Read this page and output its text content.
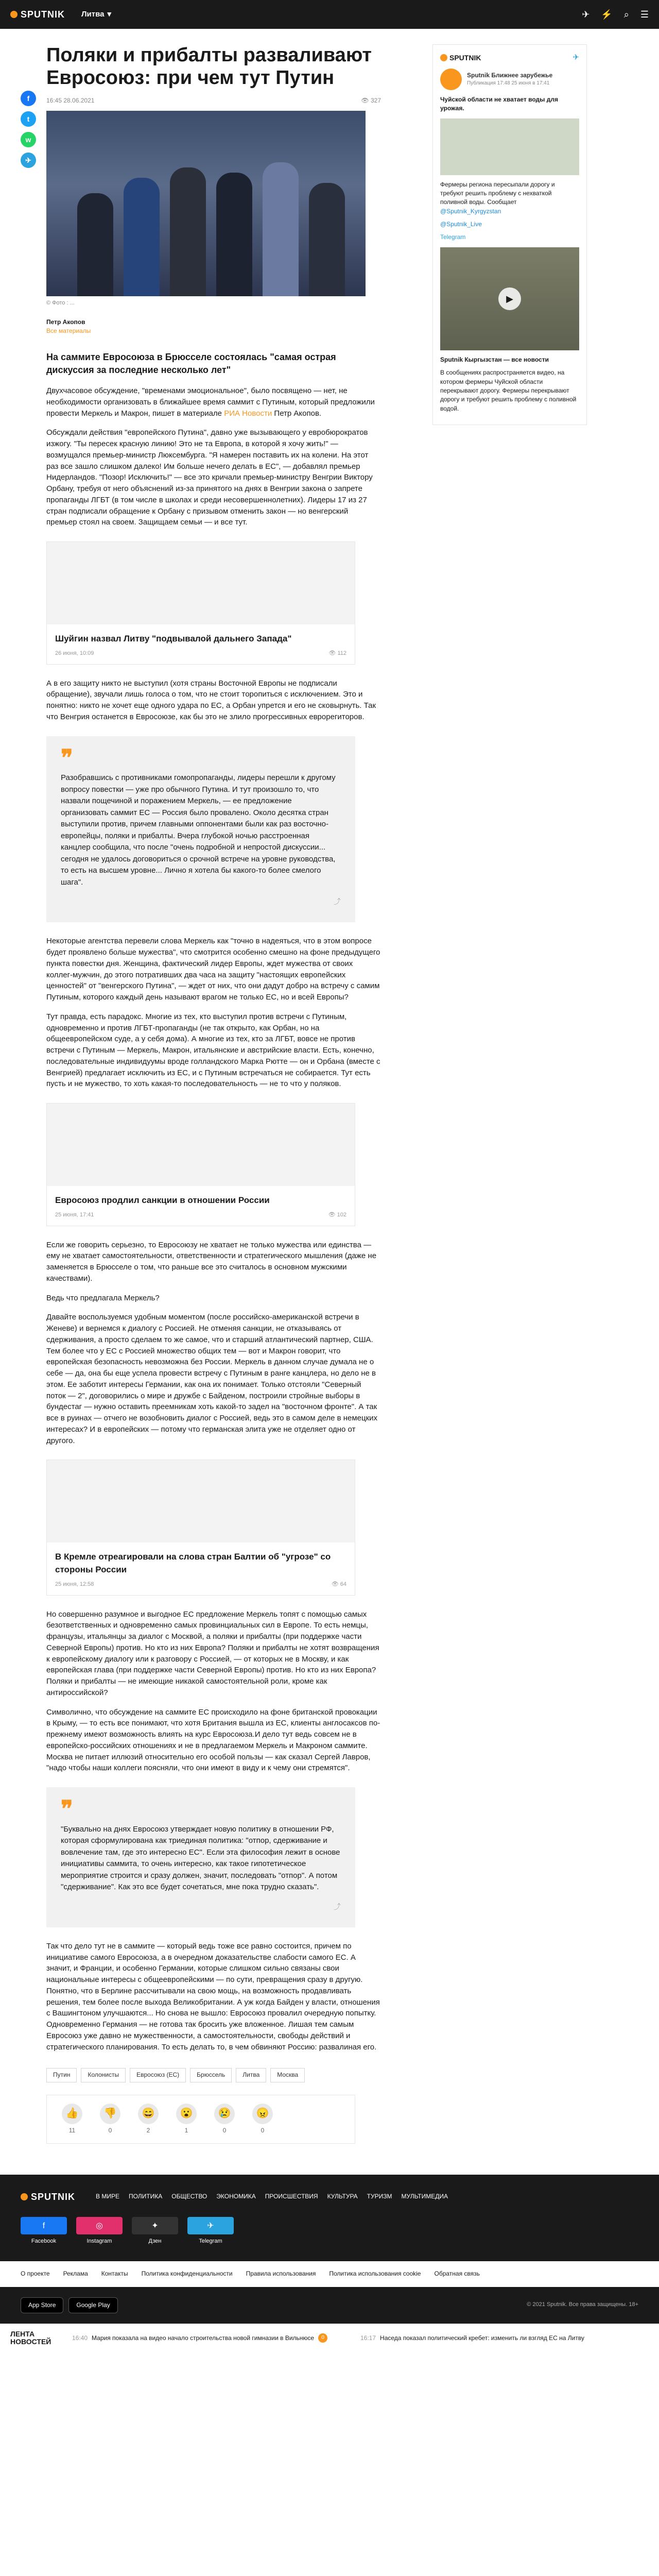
SPUTNIK Литва ▾	✈ ⚡ ⌕ ☰
f
t
w
✈
Поляки и прибалты разваливают Евросоюз: при чем тут Путин
16:45 28.06.2021	👁 327
© Фото : ...
Петр Акопов
Все материалы
На саммите Евросоюза в Брюсселе состоялась "самая острая дискуссия за последние несколько лет"

Двухчасовое обсуждение, "временами эмоциональное", было посвящено — нет, не необходимости организовать в ближайшее время саммит с Путиным, который предложили провести Меркель и Макрон, пишет в материале РИА Новости Петр Акопов.

Обсуждали действия "европейского Путина", давно уже вызывающего у евробюрократов изжогу. "Ты пересек красную линию! Это не та Европа, в которой я хочу жить!" — возмущался премьер-министр Люксембурга. "Я намерен поставить их на колени. На этот раз все зашло слишком далеко! Им больше нечего делать в ЕС", — добавлял премьер Нидерландов. "Позор! Исключить!" — все это кричали премьер-министру Венгрии Виктору Орбану, требуя от него объяснений из-за принятого на днях в Венгрии закона о запрете пропаганды ЛГБТ (в том числе в школах и среди несовершеннолетних). Лидеры 17 из 27 стран подписали обращение к Орбану с призывом отменить закон — но венгерский премьер стоял на своем. Защищаем семьи — и все тут.

Шуйгин назвал Литву "подвывалой дальнего Запада"
26 июня, 10:09	👁 112

А в его защиту никто не выступил (хотя страны Восточной Европы не подписали обращение), звучали лишь голоса о том, что не стоит торопиться с исключением. Это и понятно: никто не хочет еще одного удара по ЕС, а Орбан упрется и его не сковырнуть. Так что Венгрия останется в Евросоюзе, как бы это не злило прогрессивных еврорегиторов.

❞
Разобравшись с противниками гомопропаганды, лидеры перешли к другому вопросу повестки — уже про обычного Путина. И тут произошло то, что назвали пощечиной и поражением Меркель, — ее предложение организовать саммит ЕС — Россия было провалено. Около десятка стран выступили против, причем главными оппонентами были как раз восточно-европейцы, поляки и прибалты. Вчера глубокой ночью расстроенная канцлер сообщила, что после "очень подробной и непростой дискуссии... сегодня не удалось договориться о срочной встрече на уровне руководства, то есть на высшем уровне... Лично я хотела бы какого-то более смелого шага".
⤴

Некоторые агентства перевели слова Меркель как "точно в надеяться, что в этом вопросе будет проявлено больше мужества", что смотрится особенно смешно на фоне предыдущего пункта повестки дня. Женщина, фактический лидер Европы, ждет мужества от своих коллег-мужчин, до этого потративших два часа на защиту "настоящих европейских ценностей" от "венгерского Путина", — ждет от них, что они дадут добро на встречу с самим Путиным, которого каждый день называют врагом не только ЕС, но и всей Европы?

Тут правда, есть парадокс. Многие из тех, кто выступил против встречи с Путиным, одновременно и против ЛГБТ-пропаганды (не так открыто, как Орбан, но на общеевропейском суде, а у себя дома). А многие из тех, кто за ЛГБТ, вовсе не против встречи с Путиным — Меркель, Макрон, итальянские и австрийские власти. Есть, конечно, последовательные индивидуумы вроде голландского Марка Рютте — он и Орбана (вместе с Венгрией) предлагает исключить из ЕС, и с Путиным встречаться не собирается. Тут есть пусть и не мужество, то хоть какая-то последовательность — не то что у поляков.

Евросоюз продлил санкции в отношении России
25 июня, 17:41	👁 102

Если же говорить серьезно, то Евросоюзу не хватает не только мужества или единства — ему не хватает самостоятельности, ответственности и стратегического мышления (даже не заменяется в Брюсселе о том, что раньше все это считалось в основном мужскими качествами).

Ведь что предлагала Меркель?

Давайте воспользуемся удобным моментом (после российско-американской встречи в Женеве) и вернемся к диалогу с Россией. Не отменяя санкции, не отказываясь от сдерживания, а просто сделаем то же самое, что и старший атлантический партнер, США. Тем более что у ЕС с Россией множество общих тем — вот и Макрон говорит, что европейская безопасность невозможна без России. Меркель в данном случае думала не о себе — да, она бы еще успела провести встречу с Путиным в ранге канцлера, но дело не в этом. Ее заботит интересы Германии, как она их понимает. Только отстояли "Северный поток — 2", договорились о мире и дружбе с Байденом, построили стройные выборы в бундестаг — нужно оставить преемникам хоть какой-то задел на "восточном фронте". А так все в руинах — отчего не возобновить диалог с Россией, ведь это в самом деле в немецких интересах? И в европейских — потому что германская элита уже не отделяет одно от другого.

В Кремле отреагировали на слова стран Балтии об "угрозе" со стороны России
25 июня, 12:58	👁 64

Но совершенно разумное и выгодное ЕС предложение Меркель топят с помощью самых безответственных и одновременно самых провинциальных сил в Европе. То есть немцы, французы, итальянцы за диалог с Москвой, а поляки и прибалты (при поддержке части Северной Европы) против. Но кто из них Европа? Поляки и прибалты не хотят возвращения к европейскому диалогу или к разговору с Россией, — от которых не в Москву, и как европейская глава (при поддержке части Северной Европы) против. Но кто из них Европа? Поляки и прибалты — не имеющие никакой самостоятельной роли, кроме как антироссийской?

Символично, что обсуждение на саммите ЕС происходило на фоне британской провокации в Крыму, — то есть все понимают, что хотя Британия вышла из ЕС, клиенты англосаксов по-прежнему имеют возможность влиять на курс Евросоюза.И дело тут ведь совсем не в европейско-российских отношениях и не в предлагаемом Меркель и Макроном саммите. Москва не питает иллюзий относительно его особой пользы — как сказал Сергей Лавров, "надо чтобы наши коллеги поясняли, что они имеют в виду и к чему они стремятся".

❞
"Буквально на днях Евросоюз утверждает новую политику в отношении РФ, которая сформулирована как триединая политика: "отпор, сдерживание и вовлечение там, где это интересно ЕС". Если эта философия лежит в основе инициативы саммита, то очень интересно, как такое гипотетическое мероприятие строится и сразу должен, значит, последовать "отпор". А потом "сдерживание". Как это все будет сочетаться, мне пока трудно сказать".
⤴

Так что дело тут не в саммите — который ведь тоже все равно состоится, причем по инициативе самого Евросоюза, а в очередном доказательстве слабости самого ЕС. А значит, и Франции, и особенно Германии, которые слишком сильно связаны свои национальные интересы с общеевропейскими — по сути, превращения сразу в другую. Понятно, что в Берлине рассчитывали на свою мощь, на возможность продавливать решения, тем более после выхода Великобритании. А уж когда Байден у власти, отношения с Вашингтоном улучшаются... Но снова не вышло: Евросоюз провалил очередную попытку. Одновременно Германия — не готова так бросить уже вложенное. Лишая тем самым Евросоюз уже давно не мужественности, а самостоятельности, свободы действий и стратегического планирования. То есть делать то, в чем обвиняют Россию: развалиная его.

Путин	Колонисты	Евросоюз (ЕС)	Брюссель	Литва	Москва
👍
11
👎
0
😄
2
😮
1
😢
0
😠
0
SPUTNIK	✈
Sputnik Ближнее зарубежье
Публикация 17:48 25 июня в 17:41
Чуйской области не хватает воды для урожая.
Фермеры региона пересыпали дорогу и требуют решить проблему с нехваткой поливной воды. Сообщает @Sputnik_Kyrgyzstan
@Sputnik_Live
Telegram
▶
Sputnik Кыргызстан — все новости
В сообщениях распространяется видео, на котором фермеры Чуйской области перекрывают дорогу. Фермеры перекрывают дорогу и требуют решить проблему с поливной водой.
SPUTNIK	В МИРЕ ПОЛИТИКА ОБЩЕСТВО ЭКОНОМИКА ПРОИСШЕСТВИЯ КУЛЬТУРА ТУРИЗМ МУЛЬТИМЕДИА
f
Facebook
◎
Instagram
✦
Дзен
✈
Telegram
О проекте Реклама Контакты Политика конфиденциальности Правила использования Политика использования cookie Обратная связь
App Store	Google Play	© 2021 Sputnik. Все права защищены. 18+
ЛЕНТА НОВОСТЕЙ	16:40 Мария показала на видео начало строительства новой гимназии в Вильнюсе	0	16:17 Наседа показал политический кребет: изменить ли взгляд ЕС на Литву
